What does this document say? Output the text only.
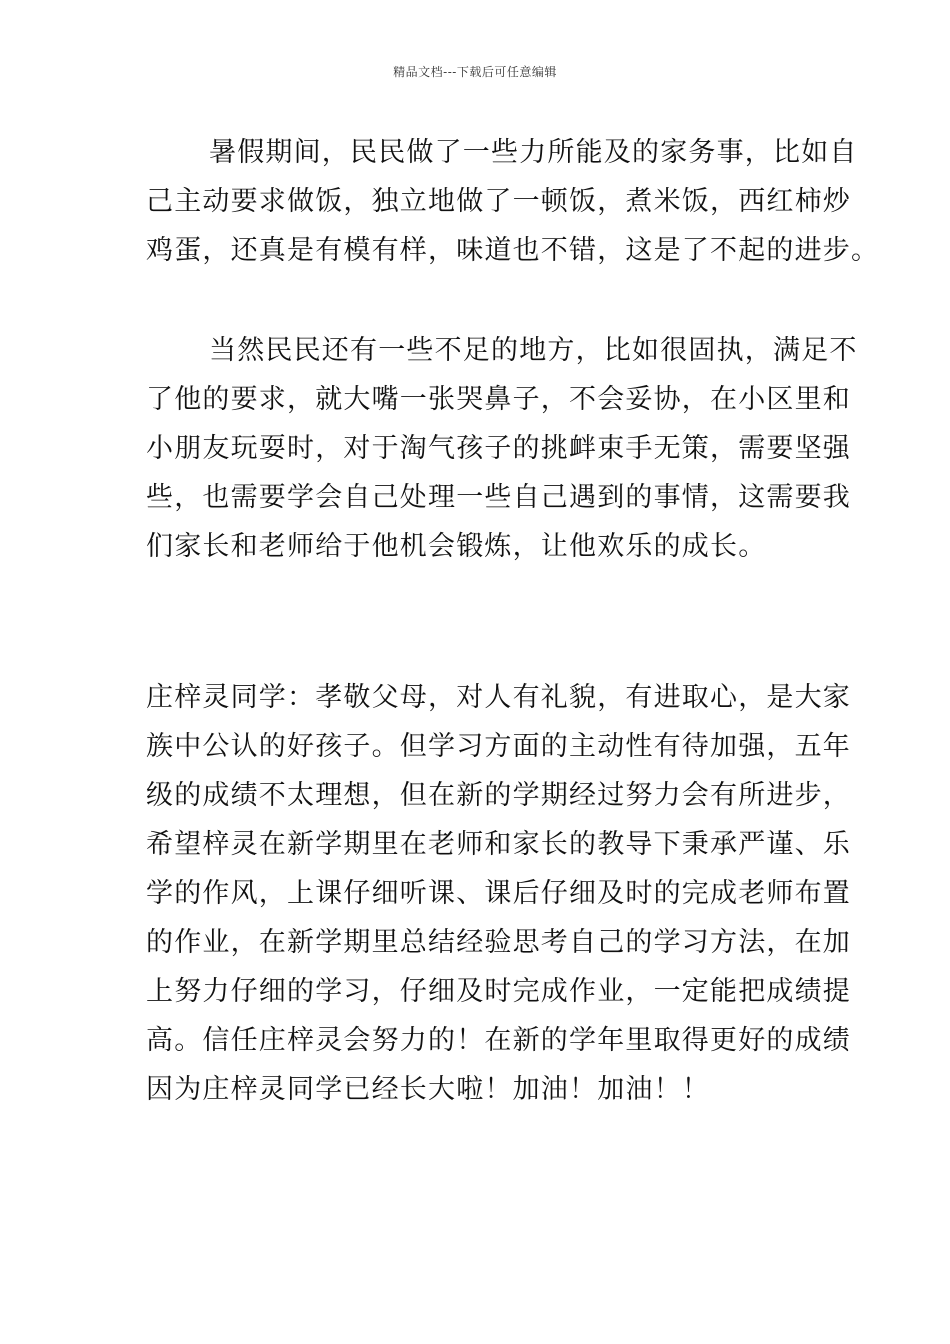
精品文档---下载后可任意编辑
暑假期间，民民做了一些力所能及的家务事，比如自
己主动要求做饭，独立地做了一顿饭，煮米饭，西红柿炒
鸡蛋，还真是有模有样，味道也不错，这是了不起的进步。
当然民民还有一些不足的地方，比如很固执，满足不
了他的要求，就大嘴一张哭鼻子，不会妥协，在小区里和
小朋友玩耍时，对于淘气孩子的挑衅束手无策，需要坚强
些，也需要学会自己处理一些自己遇到的事情，这需要我
们家长和老师给于他机会锻炼，让他欢乐的成长。
庄梓灵同学：孝敬父母，对人有礼貌，有进取心，是大家
族中公认的好孩子。但学习方面的主动性有待加强，五年
级的成绩不太理想，但在新的学期经过努力会有所进步，
希望梓灵在新学期里在老师和家长的教导下秉承严谨、乐
学的作风，上课仔细听课、课后仔细及时的完成老师布置
的作业，在新学期里总结经验思考自己的学习方法，在加
上努力仔细的学习，仔细及时完成作业，一定能把成绩提
高。信任庄梓灵会努力的！在新的学年里取得更好的成绩
因为庄梓灵同学已经长大啦！加油！加油！！
